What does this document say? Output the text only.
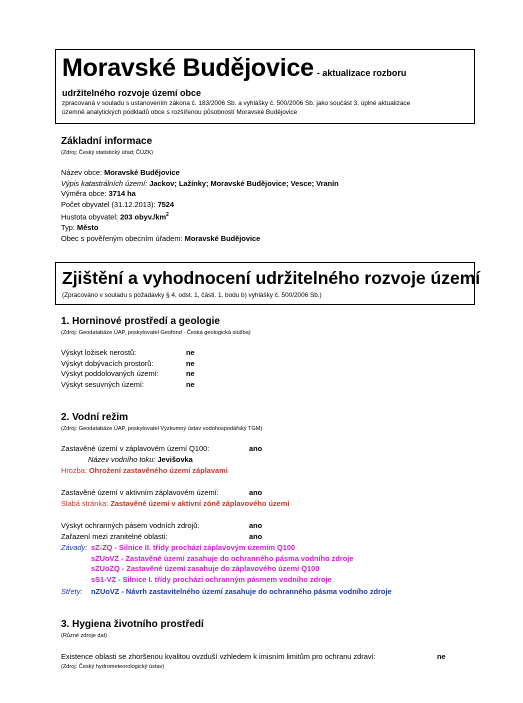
Moravské Budějovice - aktualizace rozboru
udržitelného rozvoje území obce
zpracovaná v souladu s ustanovením zákona č. 183/2006 Sb. a vyhlášky č. 500/2006 Sb. jako součást 3. úplné aktualizace
územně analytických podkladů obce s rozšířenou působností Moravské Budějovice
Základní informace
(Zdroj: Český statistický úřad; ČÚZK)
Název obce: Moravské Budějovice
Výpis katastrálních území: Jackov; Lažínky; Moravské Budějovice; Vesce; Vranín
Výměra obce: 3714 ha
Počet obyvatel (31.12.2013): 7524
Hustota obyvatel: 203 $obyv./km^2$
Typ: Město
Obec s pověřeným obecním úřadem: Moravské Budějovice
Zjištění a vyhodnocení udržitelného rozvoje území
(Zpracováno v souladu s požadavky § 4, odst. 1, části. 1. bodu b) vyhlášky č. 500/2006 Sb.)
1. Horninové prostředí a geologie
(Zdroj: Geodatabáze ÚAP, poskytovatel Geofond - Česká geologická služba)
Výskyt ložisek nerostů:	ne
Výskyt dobývacích prostorů:	ne
Výskyt poddolovaných území:	ne
Výskyt sesuvných území:	ne
2. Vodní režim
(Zdroj: Geodatabáze ÚAP, poskytovatel Výzkumný ústav vodohospodářský TGM)
Zastavěné území v záplavovém území Q100:	ano
Název vodního toku: Jevišovka
Hrozba: Ohrožení zastavěného území záplavami
Zastavěné území v aktivním záplavovém území:	ano
Slabá stránka: Zastavěné území v aktivní zóně záplavového území
Výskyt ochranných pásem vodních zdrojů:	ano
Zařazení mezi zranitelné oblasti:	ano
Závady: sZ-ZQ - Silnice II. třídy prochází záplavovým územím Q100
sZUoVZ - Zastavěné území zasahuje do ochranného pásma vodního zdroje
sZUoZQ - Zastavěné území zasahuje do záplavového území Q100
sS1-VZ - Silnice I. třídy prochází ochranným pásmem vodního zdroje
Střety: nZUoVZ - Návrh zastavitelného území zasahuje do ochranného pásma vodního zdroje
3. Hygiena životního prostředí
(Různé zdroje dat)
Existence oblasti se zhoršenou kvalitou ovzduší vzhledem k imisním limitům pro ochranu zdraví:	ne
(Zdroj: Český hydrometeorologický ústav)
